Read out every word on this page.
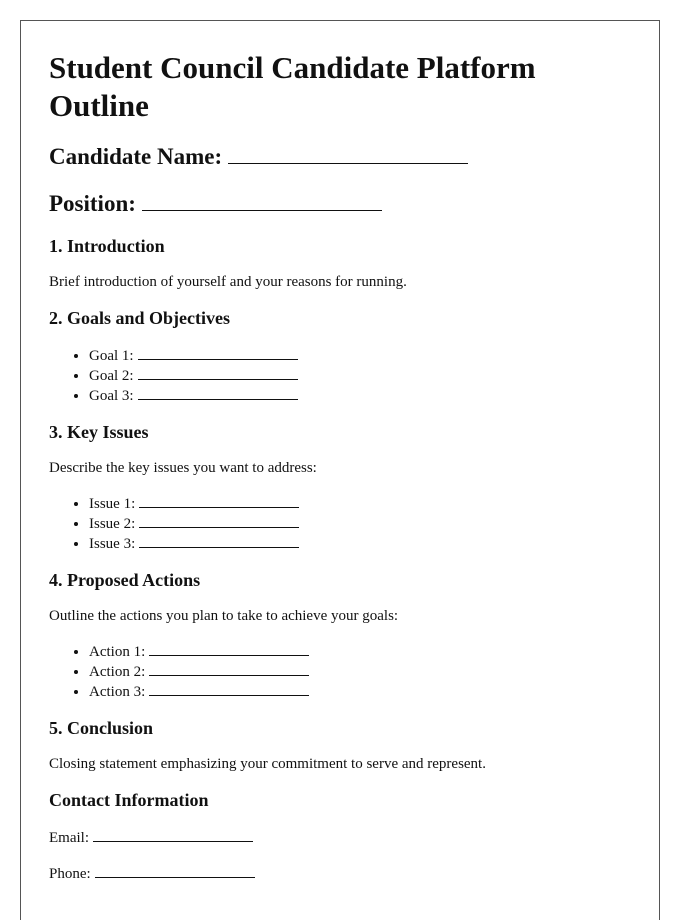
Student Council Candidate Platform Outline
Candidate Name:
Position:
1. Introduction

Brief introduction of yourself and your reasons for running.

2. Goals and Objectives
• Goal 1:
• Goal 2:
• Goal 3:
3. Key Issues

Describe the key issues you want to address:

• Issue 1:
• Issue 2:
• Issue 3:
4. Proposed Actions

Outline the actions you plan to take to achieve your goals:

• Action 1:
• Action 2:
• Action 3:
5. Conclusion

Closing statement emphasizing your commitment to serve and represent.

Contact Information

Email:

Phone:
